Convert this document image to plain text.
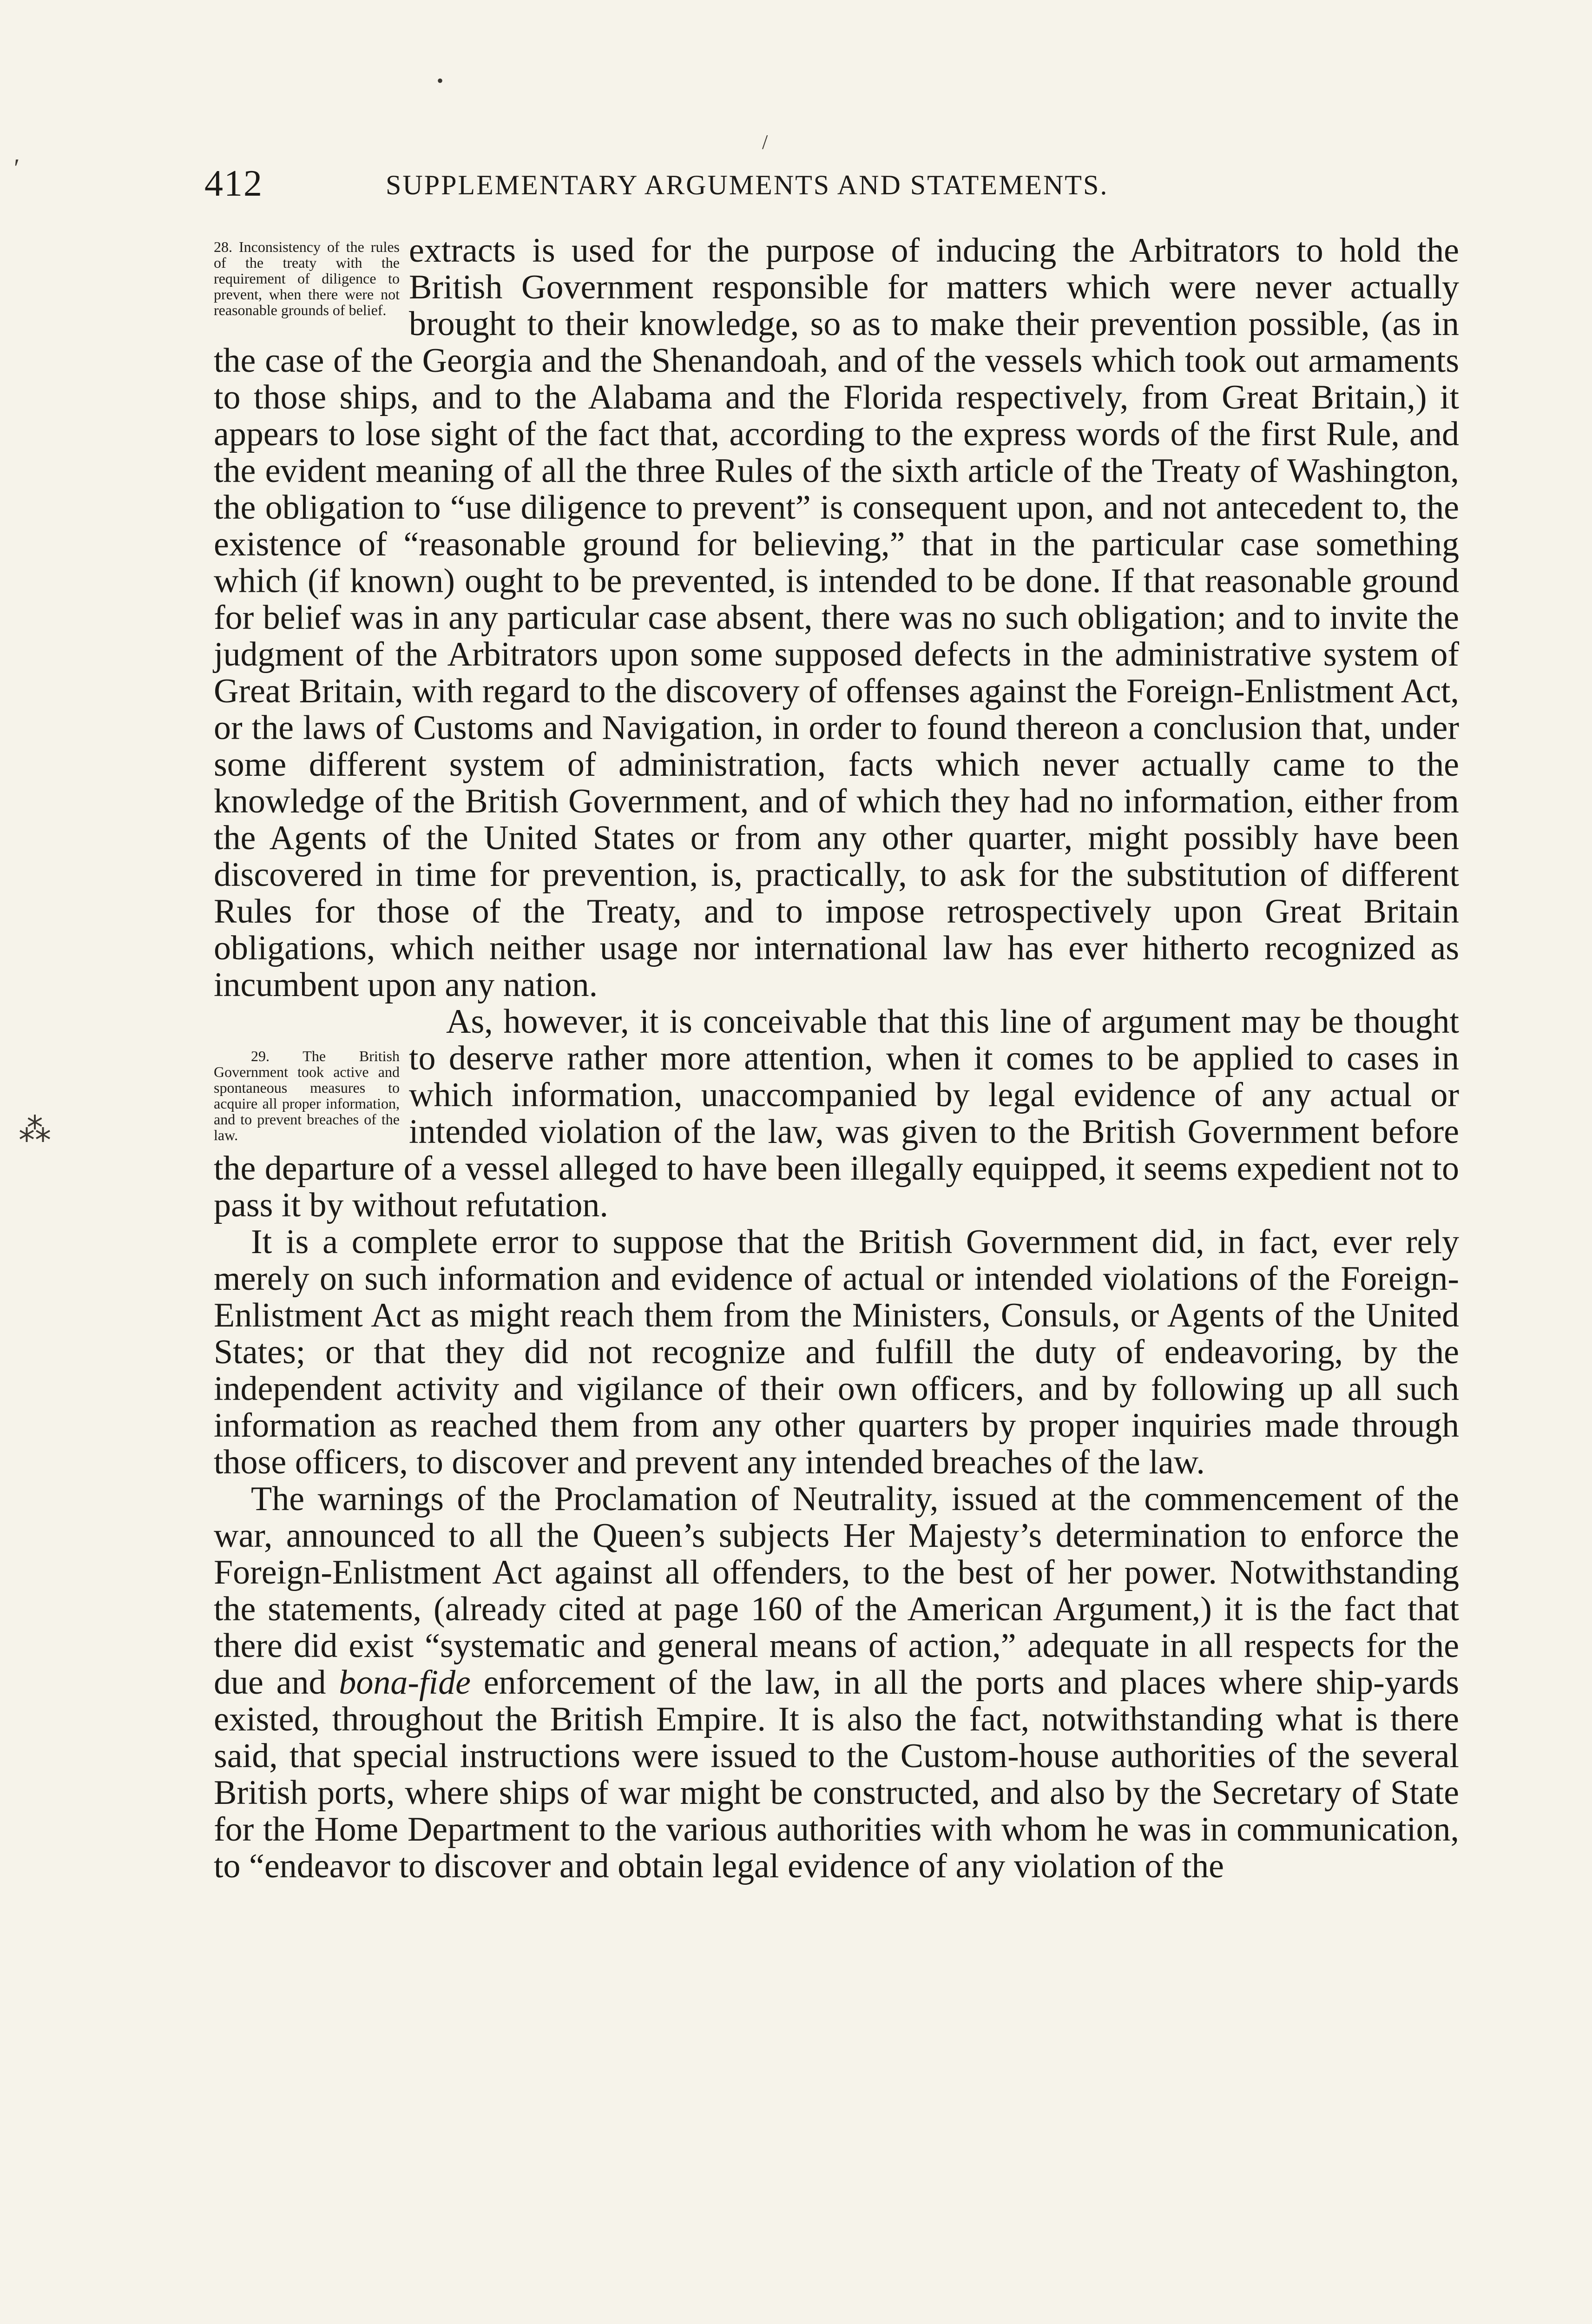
•
/
′
⁂
412	SUPPLEMENTARY ARGUMENTS AND STATEMENTS.

28. Inconsistency of the rules of the treaty with the requirement of diligence to prevent, when there were not reasonable grounds of belief.
extracts is used for the purpose of inducing the Arbitrators to hold the British Government responsible for matters which were never actually brought to their knowledge, so as to make their prevention possible, (as in the case of the Georgia and the Shenandoah, and of the vessels which took out armaments to those ships, and to the Alabama and the Florida respectively, from Great Britain,) it appears to lose sight of the fact that, according to the express words of the first Rule, and the evident meaning of all the three Rules of the sixth article of the Treaty of Washington, the obligation to “use diligence to prevent” is consequent upon, and not antecedent to, the existence of “reasonable ground for believing,” that in the particular case something which (if known) ought to be prevented, is intended to be done. If that reasonable ground for belief was in any particular case absent, there was no such obligation; and to invite the judgment of the Arbitrators upon some supposed defects in the administrative system of Great Britain, with regard to the discovery of offenses against the Foreign-Enlistment Act, or the laws of Customs and Navigation, in order to found thereon a conclusion that, under some different system of administration, facts which never actually came to the knowledge of the British Government, and of which they had no information, either from the Agents of the United States or from any other quarter, might possibly have been discovered in time for prevention, is, practically, to ask for the substitution of different Rules for those of the Treaty, and to impose retrospectively upon Great Britain obligations, which neither usage nor international law has ever hitherto recognized as incumbent upon any nation.

29. The British Government took active and spontaneous measures to acquire all proper information, and to prevent breaches of the law.
As, however, it is conceivable that this line of argument may be thought to deserve rather more attention, when it comes to be applied to cases in which information, unaccompanied by legal evidence of any actual or intended violation of the law, was given to the British Government before the departure of a vessel alleged to have been illegally equipped, it seems expedient not to pass it by without refutation.

It is a complete error to suppose that the British Government did, in fact, ever rely merely on such information and evidence of actual or intended violations of the Foreign-Enlistment Act as might reach them from the Ministers, Consuls, or Agents of the United States; or that they did not recognize and fulfill the duty of endeavoring, by the independent activity and vigilance of their own officers, and by following up all such information as reached them from any other quarters by proper inquiries made through those officers, to discover and prevent any intended breaches of the law.

The warnings of the Proclamation of Neutrality, issued at the commencement of the war, announced to all the Queen’s subjects Her Majesty’s determination to enforce the Foreign-Enlistment Act against all offenders, to the best of her power. Notwithstanding the statements, (already cited at page 160 of the American Argument,) it is the fact that there did exist “systematic and general means of action,” adequate in all respects for the due and bona-fide enforcement of the law, in all the ports and places where ship-yards existed, throughout the British Empire. It is also the fact, notwithstanding what is there said, that special instructions were issued to the Custom-house authorities of the several British ports, where ships of war might be constructed, and also by the Secretary of State for the Home Department to the various authorities with whom he was in communication, to “endeavor to discover and obtain legal evidence of any violation of the
